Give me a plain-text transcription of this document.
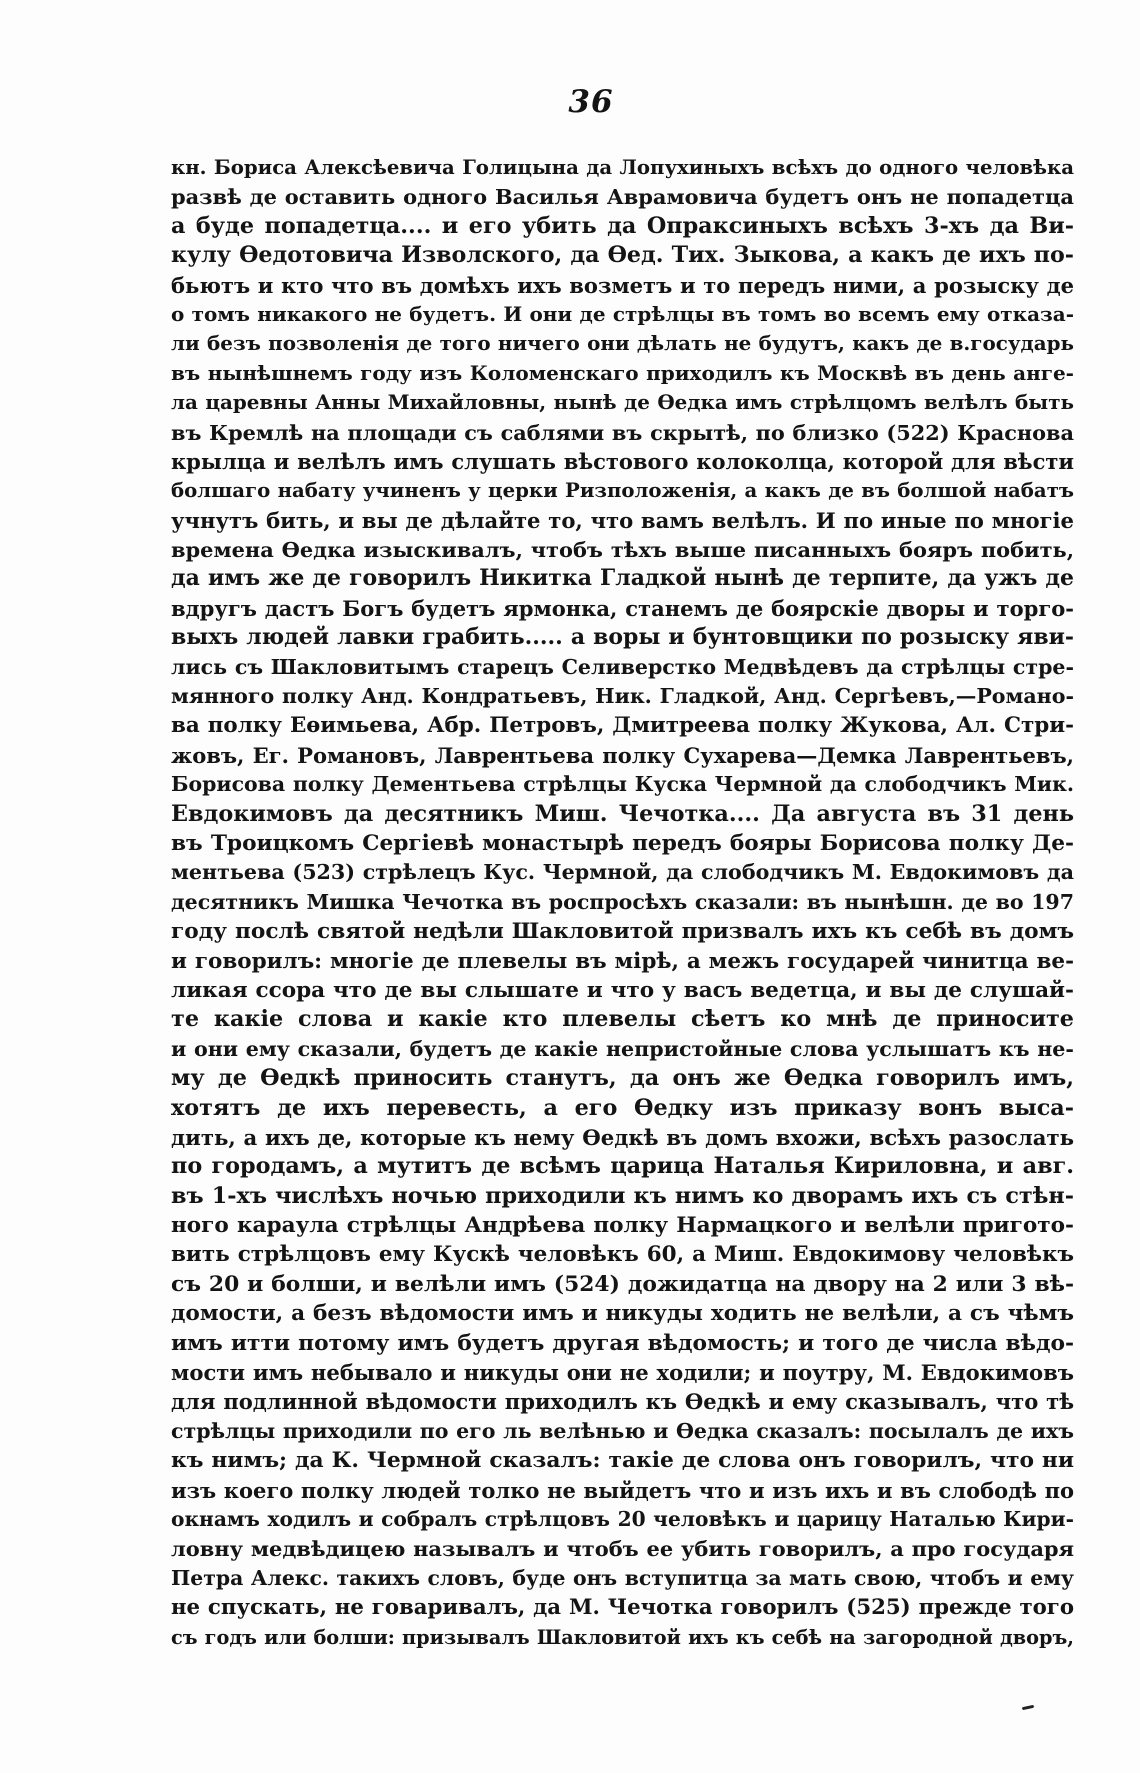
36
кн. Бориса Алексѣевича Голицына да Лопухиныхъ всѣхъ до одного человѣка
развѣ де оставить одного Василья Аврамовича будетъ онъ не попадетца
а буде попадетца.... и его убить да Опраксиныхъ всѣхъ 3-хъ да Ви-
кулу Ѳедотовича Изволского, да Ѳед. Тих. Зыкова, а какъ де ихъ по-
бьютъ и кто что въ домѣхъ ихъ возметъ и то передъ ними, а розыску де
о томъ никакого не будетъ. И они де стрѣлцы въ томъ во всемъ ему отказа-
ли безъ позволенія де того ничего они дѣлать не будутъ, какъ де в.государь
въ нынѣшнемъ году изъ Коломенскаго приходилъ къ Москвѣ въ день анге-
ла царевны Анны Михайловны, нынѣ де Ѳедка имъ стрѣлцомъ велѣлъ быть
въ Кремлѣ на площади съ саблями въ скрытѣ, по близко (522) Краснова
крылца и велѣлъ имъ слушать вѣстового колоколца, которой для вѣсти
болшаго набату учиненъ у церки Ризположенія, а какъ де въ болшой набатъ
учнутъ бить, и вы де дѣлайте то, что вамъ велѣлъ. И по иные по многіе
времена Ѳедка изыскивалъ, чтобъ тѣхъ выше писанныхъ бояръ побить,
да имъ же де говорилъ Никитка Гладкой нынѣ де терпите, да ужъ де
вдругъ дастъ Богъ будетъ ярмонка, станемъ де боярскіе дворы и торго-
выхъ людей лавки грабить..... а воры и бунтовщики по розыску яви-
лись съ Шакловитымъ старецъ Селиверстко Медвѣдевъ да стрѣлцы стре-
мянного полку Анд. Кондратьевъ, Ник. Гладкой, Анд. Сергѣевъ,—Романо-
ва полку Еѳимьева, Абр. Петровъ, Дмитреева полку Жукова, Ал. Стри-
жовъ, Ег. Романовъ, Лаврентьева полку Сухарева—Демка Лаврентьевъ,
Борисова полку Дементьева стрѣлцы Куска Чермной да слободчикъ Мик.
Евдокимовъ да десятникъ Миш. Чечотка.... Да августа въ 31 день
въ Троицкомъ Сергіевѣ монастырѣ передъ бояры Борисова полку Де-
ментьева (523) стрѣлецъ Кус. Чермной, да слободчикъ М. Евдокимовъ да
десятникъ Мишка Чечотка въ роспросѣхъ сказали: въ нынѣшн. де во 197
году послѣ святой недѣли Шакловитой призвалъ ихъ къ себѣ въ домъ
и говорилъ: многіе де плевелы въ мірѣ, а межъ государей чинитца ве-
ликая ссора что де вы слышате и что у васъ ведетца, и вы де слушай-
те какіе слова и какіе кто плевелы сѣетъ ко мнѣ де приносите
и они ему сказали, будетъ де какіе непристойные слова услышатъ къ не-
му де Ѳедкѣ приносить станутъ, да онъ же Ѳедка говорилъ имъ,
хотятъ де ихъ перевесть, а его Ѳедку изъ приказу вонъ выса-
дить, а ихъ де, которые къ нему Ѳедкѣ въ домъ вхожи, всѣхъ разослать
по городамъ, а мутитъ де всѣмъ царица Наталья Кириловна, и авг.
въ 1-хъ числѣхъ ночью приходили къ нимъ ко дворамъ ихъ съ стѣн-
ного караула стрѣлцы Андрѣева полку Нармацкого и велѣли пригото-
вить стрѣлцовъ ему Кускѣ человѣкъ 60, а Миш. Евдокимову человѣкъ
съ 20 и болши, и велѣли имъ (524) дожидатца на двору на 2 или 3 вѣ-
домости, а безъ вѣдомости имъ и никуды ходить не велѣли, а съ чѣмъ
имъ итти потому имъ будетъ другая вѣдомость; и того де числа вѣдо-
мости имъ небывало и никуды они не ходили; и поутру, М. Евдокимовъ
для подлинной вѣдомости приходилъ къ Ѳедкѣ и ему сказывалъ, что тѣ
стрѣлцы приходили по его ль велѣнью и Ѳедка сказалъ: посылалъ де ихъ
къ нимъ; да К. Чермной сказалъ: такіе де слова онъ говорилъ, что ни
изъ коего полку людей толко не выйдетъ что и изъ ихъ и въ слободѣ по
окнамъ ходилъ и собралъ стрѣлцовъ 20 человѣкъ и царицу Наталью Кири-
ловну медвѣдицею называлъ и чтобъ ее убить говорилъ, а про государя
Петра Алекс. такихъ словъ, буде онъ вступитца за мать свою, чтобъ и ему
не спускать, не говаривалъ, да М. Чечотка говорилъ (525) прежде того
съ годъ или болши: призывалъ Шакловитой ихъ къ себѣ на загородной дворъ,
